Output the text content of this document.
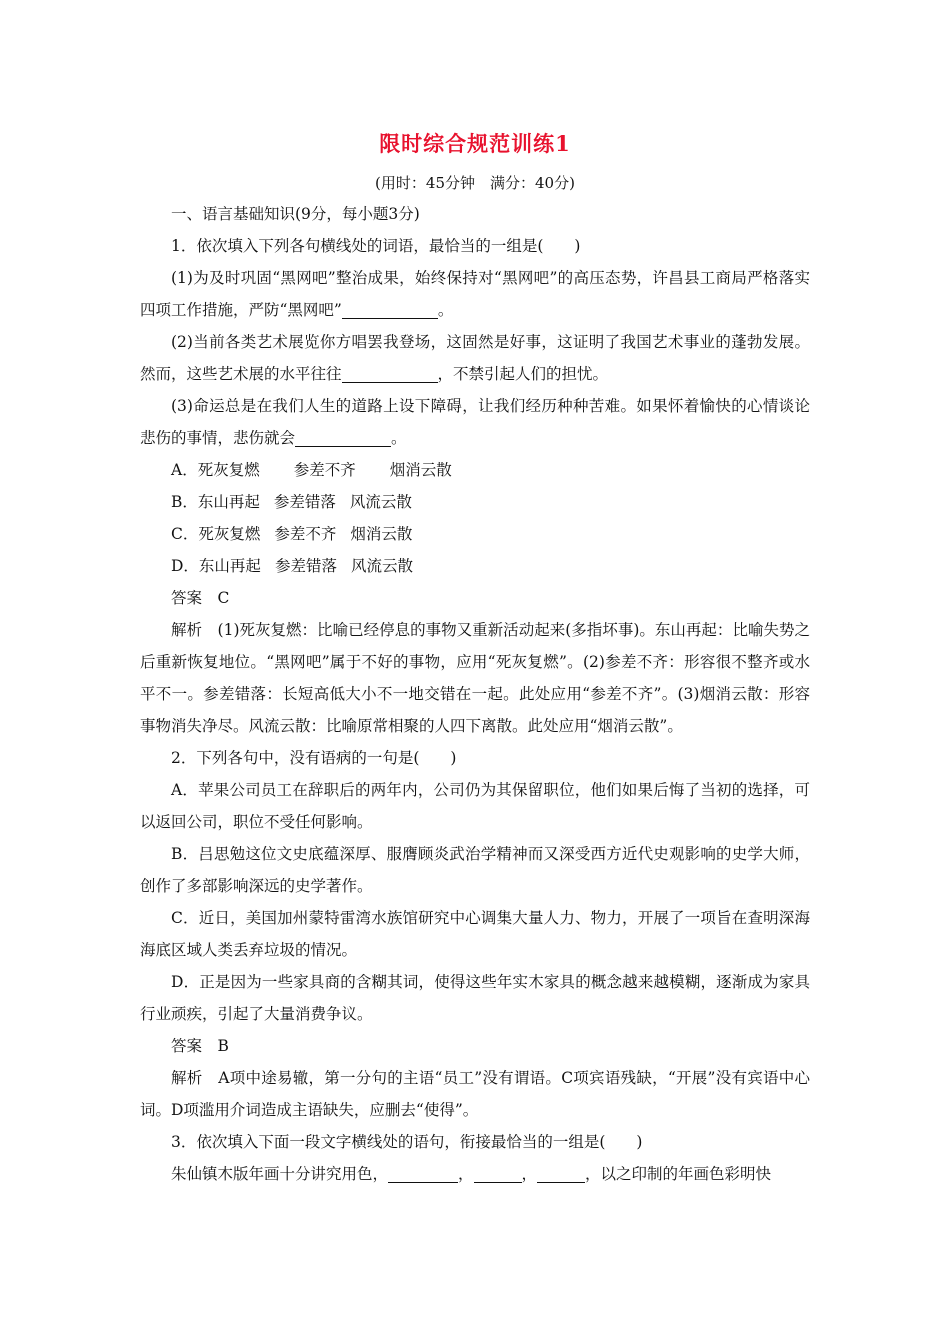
限时综合规范训练1
(用时：45分钟　满分：40分)

一、语言基础知识(9分，每小题3分)

1．依次填入下列各句横线处的词语，最恰当的一组是(　　)

(1)为及时巩固“黑网吧”整治成果，始终保持对“黑网吧”的高压态势，许昌县工商局严格落实四项工作措施，严防“黑网吧”	。

(2)当前各类艺术展览你方唱罢我登场，这固然是好事，这证明了我国艺术事业的蓬勃发展。然而，这些艺术展的水平往往	，不禁引起人们的担忧。

(3)命运总是在我们人生的道路上设下障碍，让我们经历种种苦难。如果怀着愉快的心情谈论悲伤的事情，悲伤就会	。

A．死灰复燃 参差不齐 烟消云散

B．东山再起 参差错落 风流云散

C．死灰复燃 参差不齐 烟消云散

D．东山再起 参差错落 风流云散

答案　C

解析　(1)死灰复燃：比喻已经停息的事物又重新活动起来(多指坏事)。东山再起：比喻失势之后重新恢复地位。“黑网吧”属于不好的事物，应用“死灰复燃”。(2)参差不齐：形容很不整齐或水平不一。参差错落：长短高低大小不一地交错在一起。此处应用“参差不齐”。(3)烟消云散：形容事物消失净尽。风流云散：比喻原常相聚的人四下离散。此处应用“烟消云散”。

2．下列各句中，没有语病的一句是(　　)

A．苹果公司员工在辞职后的两年内，公司仍为其保留职位，他们如果后悔了当初的选择，可以返回公司，职位不受任何影响。

B．吕思勉这位文史底蕴深厚、服膺顾炎武治学精神而又深受西方近代史观影响的史学大师，创作了多部影响深远的史学著作。

C．近日，美国加州蒙特雷湾水族馆研究中心调集大量人力、物力，开展了一项旨在查明深海海底区域人类丢弃垃圾的情况。

D．正是因为一些家具商的含糊其词，使得这些年实木家具的概念越来越模糊，逐渐成为家具行业顽疾，引起了大量消费争议。

答案　B

解析　A项中途易辙，第一分句的主语“员工”没有谓语。C项宾语残缺，“开展”没有宾语中心词。D项滥用介词造成主语缺失，应删去“使得”。

3．依次填入下面一段文字横线处的语句，衔接最恰当的一组是(　　)

朱仙镇木版年画十分讲究用色，	，	，	，以之印制的年画色彩明快
